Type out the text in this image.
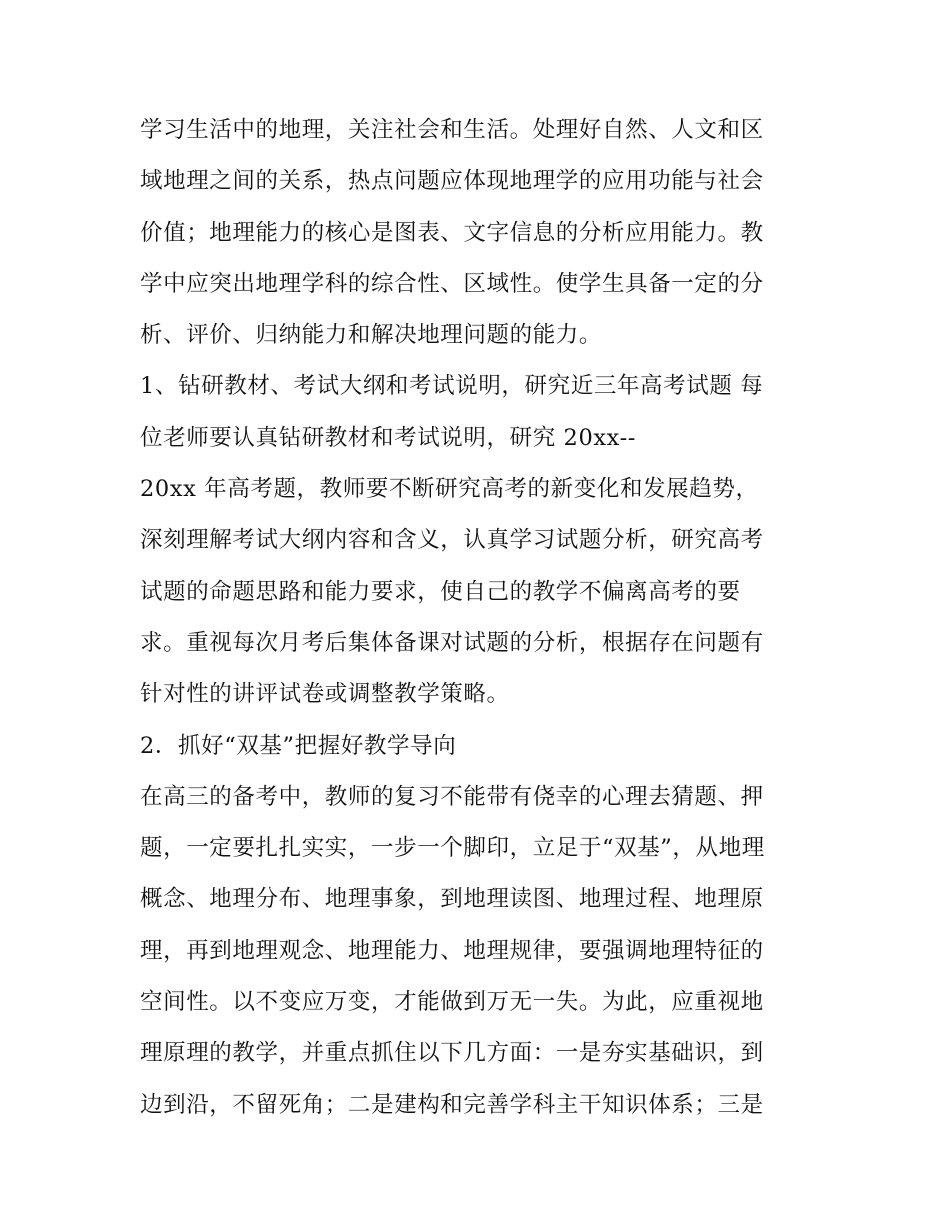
学习生活中的地理，关注社会和生活。处理好自然、人文和区
域地理之间的关系，热点问题应体现地理学的应用功能与社会
价值；地理能力的核心是图表、文字信息的分析应用能力。教
学中应突出地理学科的综合性、区域性。使学生具备一定的分
析、评价、归纳能力和解决地理问题的能力。
1、钻研教材、考试大纲和考试说明，研究近三年高考试题 每
位老师要认真钻研教材和考试说明，研究 20xx--
20xx 年高考题，教师要不断研究高考的新变化和发展趋势，
深刻理解考试大纲内容和含义，认真学习试题分析，研究高考
试题的命题思路和能力要求，使自己的教学不偏离高考的要
求。重视每次月考后集体备课对试题的分析，根据存在问题有
针对性的讲评试卷或调整教学策略。
2．抓好“双基”把握好教学导向
在高三的备考中，教师的复习不能带有侥幸的心理去猜题、押
题，一定要扎扎实实，一步一个脚印，立足于“双基”，从地理
概念、地理分布、地理事象，到地理读图、地理过程、地理原
理，再到地理观念、地理能力、地理规律，要强调地理特征的
空间性。以不变应万变，才能做到万无一失。为此，应重视地
理原理的教学，并重点抓住以下几方面：一是夯实基础识，到
边到沿，不留死角；二是建构和完善学科主干知识体系；三是
